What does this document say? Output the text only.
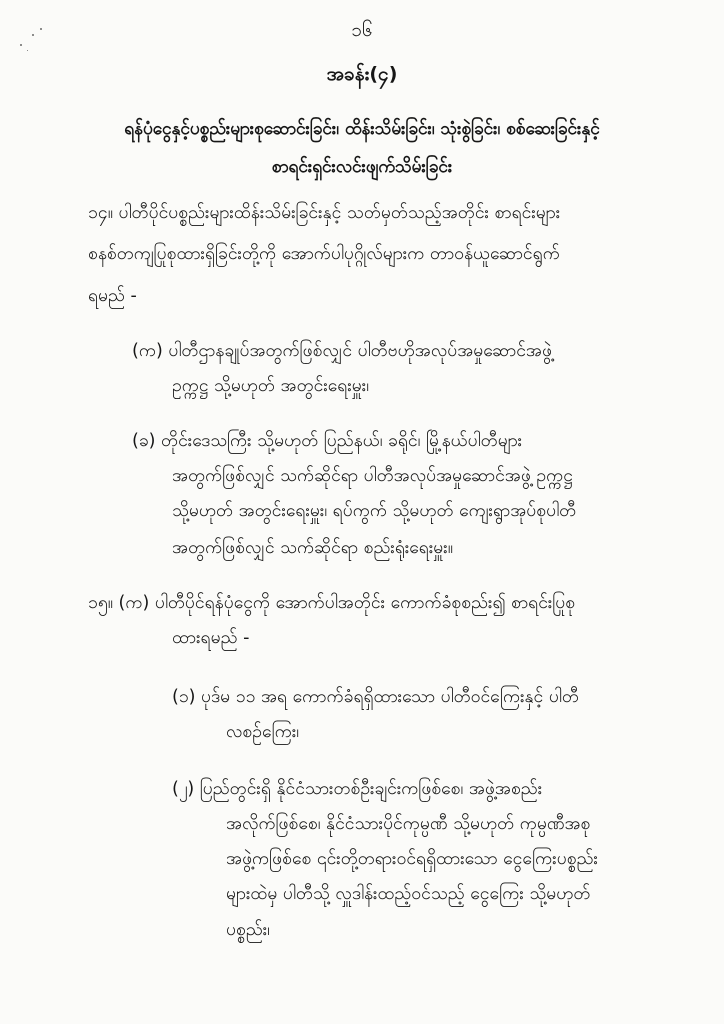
၁၆
အခန်း(၄)
ရန်ပုံငွေနှင့်ပစ္စည်းများစုဆောင်းခြင်း၊ ထိန်းသိမ်းခြင်း၊ သုံးစွဲခြင်း၊ စစ်ဆေးခြင်းနှင့်
စာရင်းရှင်းလင်းဖျက်သိမ်းခြင်း
၁၄။ ပါတီပိုင်ပစ္စည်းများထိန်းသိမ်းခြင်းနှင့် သတ်မှတ်သည့်အတိုင်း စာရင်းများ
စနစ်တကျပြုစုထားရှိခြင်းတို့ကို အောက်ပါပုဂ္ဂိုလ်များက တာဝန်ယူဆောင်ရွက်
ရမည် -
(က) ပါတီဌာနချုပ်အတွက်ဖြစ်လျှင် ပါတီဗဟိုအလုပ်အမှုဆောင်အဖွဲ့
ဥက္ကဋ္ဌ သို့မဟုတ် အတွင်းရေးမှူး၊
(ခ) တိုင်းဒေသကြီး သို့မဟုတ် ပြည်နယ်၊ ခရိုင်၊ မြို့နယ်ပါတီများ
အတွက်ဖြစ်လျှင် သက်ဆိုင်ရာ ပါတီအလုပ်အမှုဆောင်အဖွဲ့ ဥက္ကဋ္ဌ
သို့မဟုတ် အတွင်းရေးမှူး၊ ရပ်ကွက် သို့မဟုတ် ကျေးရွာအုပ်စုပါတီ
အတွက်ဖြစ်လျှင် သက်ဆိုင်ရာ စည်းရုံးရေးမှူး။
၁၅။ (က) ပါတီပိုင်ရန်ပုံငွေကို အောက်ပါအတိုင်း ကောက်ခံစုစည်း၍ စာရင်းပြုစု
ထားရမည် -
(၁) ပုဒ်မ ၁၁ အရ ကောက်ခံရရှိထားသော ပါတီဝင်ကြေးနှင့် ပါတီ
လစဉ်ကြေး၊
(၂) ပြည်တွင်းရှိ နိုင်ငံသားတစ်ဦးချင်းကဖြစ်စေ၊ အဖွဲ့အစည်း
အလိုက်ဖြစ်စေ၊ နိုင်ငံသားပိုင်ကုမ္ပဏီ သို့မဟုတ် ကုမ္ပဏီအစု
အဖွဲ့ကဖြစ်စေ ၎င်းတို့တရားဝင်ရရှိထားသော ငွေကြေးပစ္စည်း
များထဲမှ ပါတီသို့ လှူဒါန်းထည့်ဝင်သည့် ငွေကြေး သို့မဟုတ်
ပစ္စည်း၊
